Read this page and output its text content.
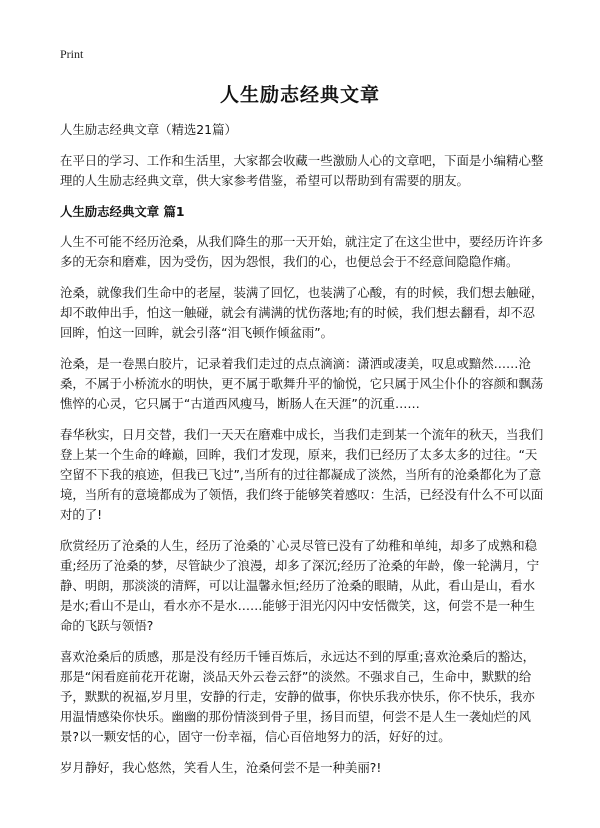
Print
人生励志经典文章

人生励志经典文章（精选21篇）

在平日的学习、工作和生活里，大家都会收藏一些激励人心的文章吧，下面是小编精心整理的人生励志经典文章，供大家参考借鉴，希望可以帮助到有需要的朋友。

人生励志经典文章 篇1

人生不可能不经历沧桑，从我们降生的那一天开始，就注定了在这尘世中，要经历许许多多的无奈和磨难，因为受伤，因为怨恨，我们的心，也便总会于不经意间隐隐作痛。

沧桑，就像我们生命中的老屋，装满了回忆，也装满了心酸，有的时候，我们想去触碰，却不敢伸出手，怕这一触碰，就会有满满的忧伤落地;有的时候，我们想去翻看，却不忍回眸，怕这一回眸，就会引落“泪飞顿作倾盆雨”。

沧桑，是一卷黑白胶片，记录着我们走过的点点滴滴：潇洒或凄美，叹息或黯然……沧桑，不属于小桥流水的明快，更不属于歌舞升平的愉悦，它只属于风尘仆仆的容颜和飘荡憔悴的心灵，它只属于“古道西风瘦马，断肠人在天涯”的沉重……

春华秋实，日月交替，我们一天天在磨难中成长，当我们走到某一个流年的秋天，当我们登上某一个生命的峰巅，回眸，我们才发现，原来，我们已经历了太多太多的过往。“天空留不下我的痕迹，但我已飞过”,当所有的过往都凝成了淡然，当所有的沧桑都化为了意境，当所有的意境都成为了领悟，我们终于能够笑着感叹：生活，已经没有什么不可以面对的了!

欣赏经历了沧桑的人生，经历了沧桑的`心灵尽管已没有了幼稚和单纯，却多了成熟和稳重;经历了沧桑的梦，尽管缺少了浪漫，却多了深沉;经历了沧桑的年龄，像一轮满月，宁静、明朗，那淡淡的清辉，可以让温馨永恒;经历了沧桑的眼睛，从此，看山是山，看水是水;看山不是山，看水亦不是水……能够于泪光闪闪中安恬微笑，这，何尝不是一种生命的飞跃与领悟?

喜欢沧桑后的质感，那是没有经历千锤百炼后，永远达不到的厚重;喜欢沧桑后的豁达，那是“闲看庭前花开花谢，淡品天外云卷云舒”的淡然。不强求自己，生命中，默默的给予，默默的祝福,岁月里，安静的行走，安静的做事，你快乐我亦快乐，你不快乐，我亦用温情感染你快乐。幽幽的那份情淡到骨子里，扬目而望，何尝不是人生一袭灿烂的风景?以一颗安恬的心，固守一份幸福，信心百倍地努力的活，好好的过。

岁月静好，我心悠然，笑看人生，沧桑何尝不是一种美丽?!
